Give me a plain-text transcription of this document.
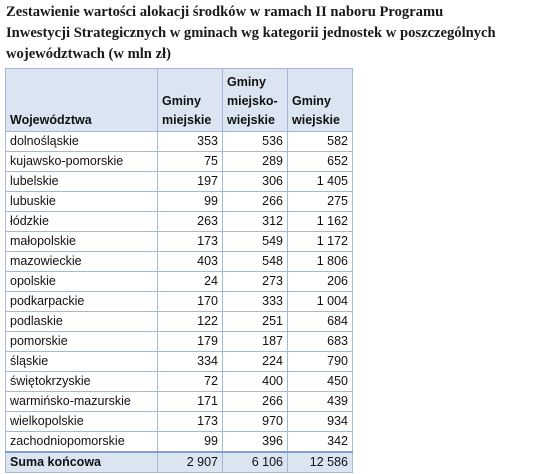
Zestawienie wartości alokacji środków w ramach II naboru Programu
Inwestycji Strategicznych w gminach wg kategorii jednostek w poszczególnych
województwach (w mln zł)
Województwa	Gminy miejskie	Gminy miejsko-wiejskie	Gminy wiejskie
dolnośląskie	353	536	582
kujawsko-pomorskie	75	289	652
lubelskie	197	306	1 405
lubuskie	99	266	275
łódzkie	263	312	1 162
małopolskie	173	549	1 172
mazowieckie	403	548	1 806
opolskie	24	273	206
podkarpackie	170	333	1 004
podlaskie	122	251	684
pomorskie	179	187	683
śląskie	334	224	790
świętokrzyskie	72	400	450
warmińsko-mazurskie	171	266	439
wielkopolskie	173	970	934
zachodniopomorskie	99	396	342
Suma końcowa	2 907	6 106	12 586
